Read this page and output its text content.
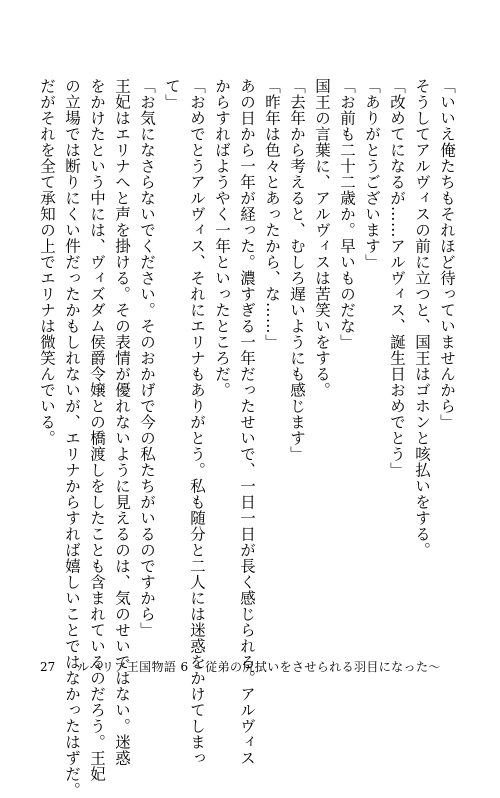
「いいえ俺たちもそれほど待っていませんから」
そうしてアルヴィスの前に立つと、国王はゴホンと咳払いをする。
「改めてになるが……アルヴィス、誕生日おめでとう」
「ありがとうございます」
「お前も二十二歳か。早いものだな」
国王の言葉に、アルヴィスは苦笑いをする。
「去年から考えると、むしろ遅いようにも感じます」
「昨年は色々とあったから、な……」
あの日から一年が経った。濃すぎる一年だったせいで、一日一日が長く感じられる。アルヴィス
からすればようやく一年といったところだ。
「おめでとうアルヴィス、それにエリナもありがとう。私も随分と二人には迷惑をかけてしまっ
て」
「お気になさらないでください。そのおかげで今の私たちがいるのですから」
王妃はエリナへと声を掛ける。その表情が優れないように見えるのは、気のせいではない。迷惑
をかけたという中には、ヴィズダム侯爵令嬢との橋渡しをしたことも含まれているのだろう。王妃
の立場では断りにくい件だったかもしれないが、エリナからすれば嬉しいことではなかったはずだ。
だがそれを全て承知の上でエリナは微笑んでいる。
27 ルベリア王国物語 6 〜従弟の尻拭いをさせられる羽目になった〜
